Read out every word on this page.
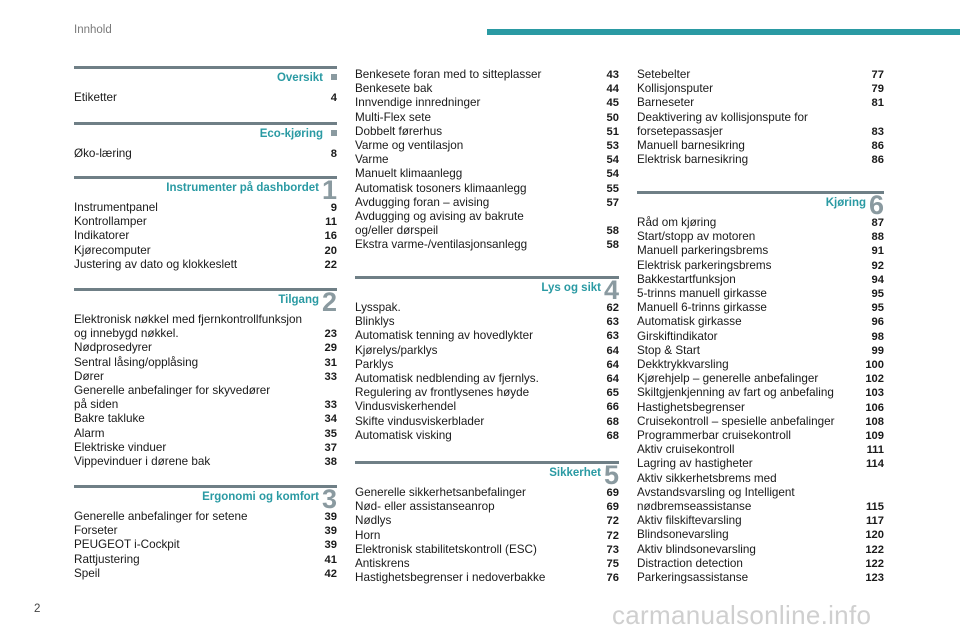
Innhold
Oversikt
Etiketter	4
Eco-kjøring
Øko-læring	8
Instrumenter på dashbordet 1
Instrumentpanel	9
Kontrollamper	11
Indikatorer	16
Kjørecomputer	20
Justering av dato og klokkeslett	22
Tilgang 2
Elektronisk nøkkel med fjernkontrollfunksjon
og innebygd nøkkel.	23
Nødprosedyrer	29
Sentral låsing/opplåsing	31
Dører	33
Generelle anbefalinger for skyvedører
på siden	33
Bakre takluke	34
Alarm	35
Elektriske vinduer	37
Vippevinduer i dørene bak	38
Ergonomi og komfort 3
Generelle anbefalinger for setene	39
Forseter	39
PEUGEOT i-Cockpit	39
Rattjustering	41
Speil	42
Benkesete foran med to sitteplasser	43
Benkesete bak	44
Innvendige innredninger	45
Multi-Flex sete	50
Dobbelt førerhus	51
Varme og ventilasjon	53
Varme	54
Manuelt klimaanlegg	54
Automatisk tosoners klimaanlegg	55
Avdugging foran – avising	57
Avdugging og avising av bakrute
og/eller dørspeil	58
Ekstra varme-/ventilasjonsanlegg	58
Lys og sikt 4
Lysspak.	62
Blinklys	63
Automatisk tenning av hovedlykter	63
Kjørelys/parklys	64
Parklys	64
Automatisk nedblending av fjernlys.	64
Regulering av frontlysenes høyde	65
Vindusviskerhendel	66
Skifte vindusviskerblader	68
Automatisk visking	68
Sikkerhet 5
Generelle sikkerhetsanbefalinger	69
Nød- eller assistanseanrop	69
Nødlys	72
Horn	72
Elektronisk stabilitetskontroll (ESC)	73
Antiskrens	75
Hastighetsbegrenser i nedoverbakke	76
Setebelter	77
Kollisjonsputer	79
Barneseter	81
Deaktivering av kollisjonspute for
forsetepassasjer	83
Manuell barnesikring	86
Elektrisk barnesikring	86
Kjøring 6
Råd om kjøring	87
Start/stopp av motoren	88
Manuell parkeringsbrems	91
Elektrisk parkeringsbrems	92
Bakkestartfunksjon	94
5-trinns manuell girkasse	95
Manuell 6-trinns girkasse	95
Automatisk girkasse	96
Girskiftindikator	98
Stop & Start	99
Dekktrykkvarsling	100
Kjørehjelp – generelle anbefalinger	102
Skiltgjenkjenning av fart og anbefaling	103
Hastighetsbegrenser	106
Cruisekontroll – spesielle anbefalinger	108
Programmerbar cruisekontroll	109
Aktiv cruisekontroll	111
Lagring av hastigheter	114
Aktiv sikkerhetsbrems med
Avstandsvarsling og Intelligent
nødbremseassistanse	115
Aktiv filskiftevarsling	117
Blindsonevarsling	120
Aktiv blindsonevarsling	122
Distraction detection	122
Parkeringsassistanse	123
2	carmanualsonline.info
